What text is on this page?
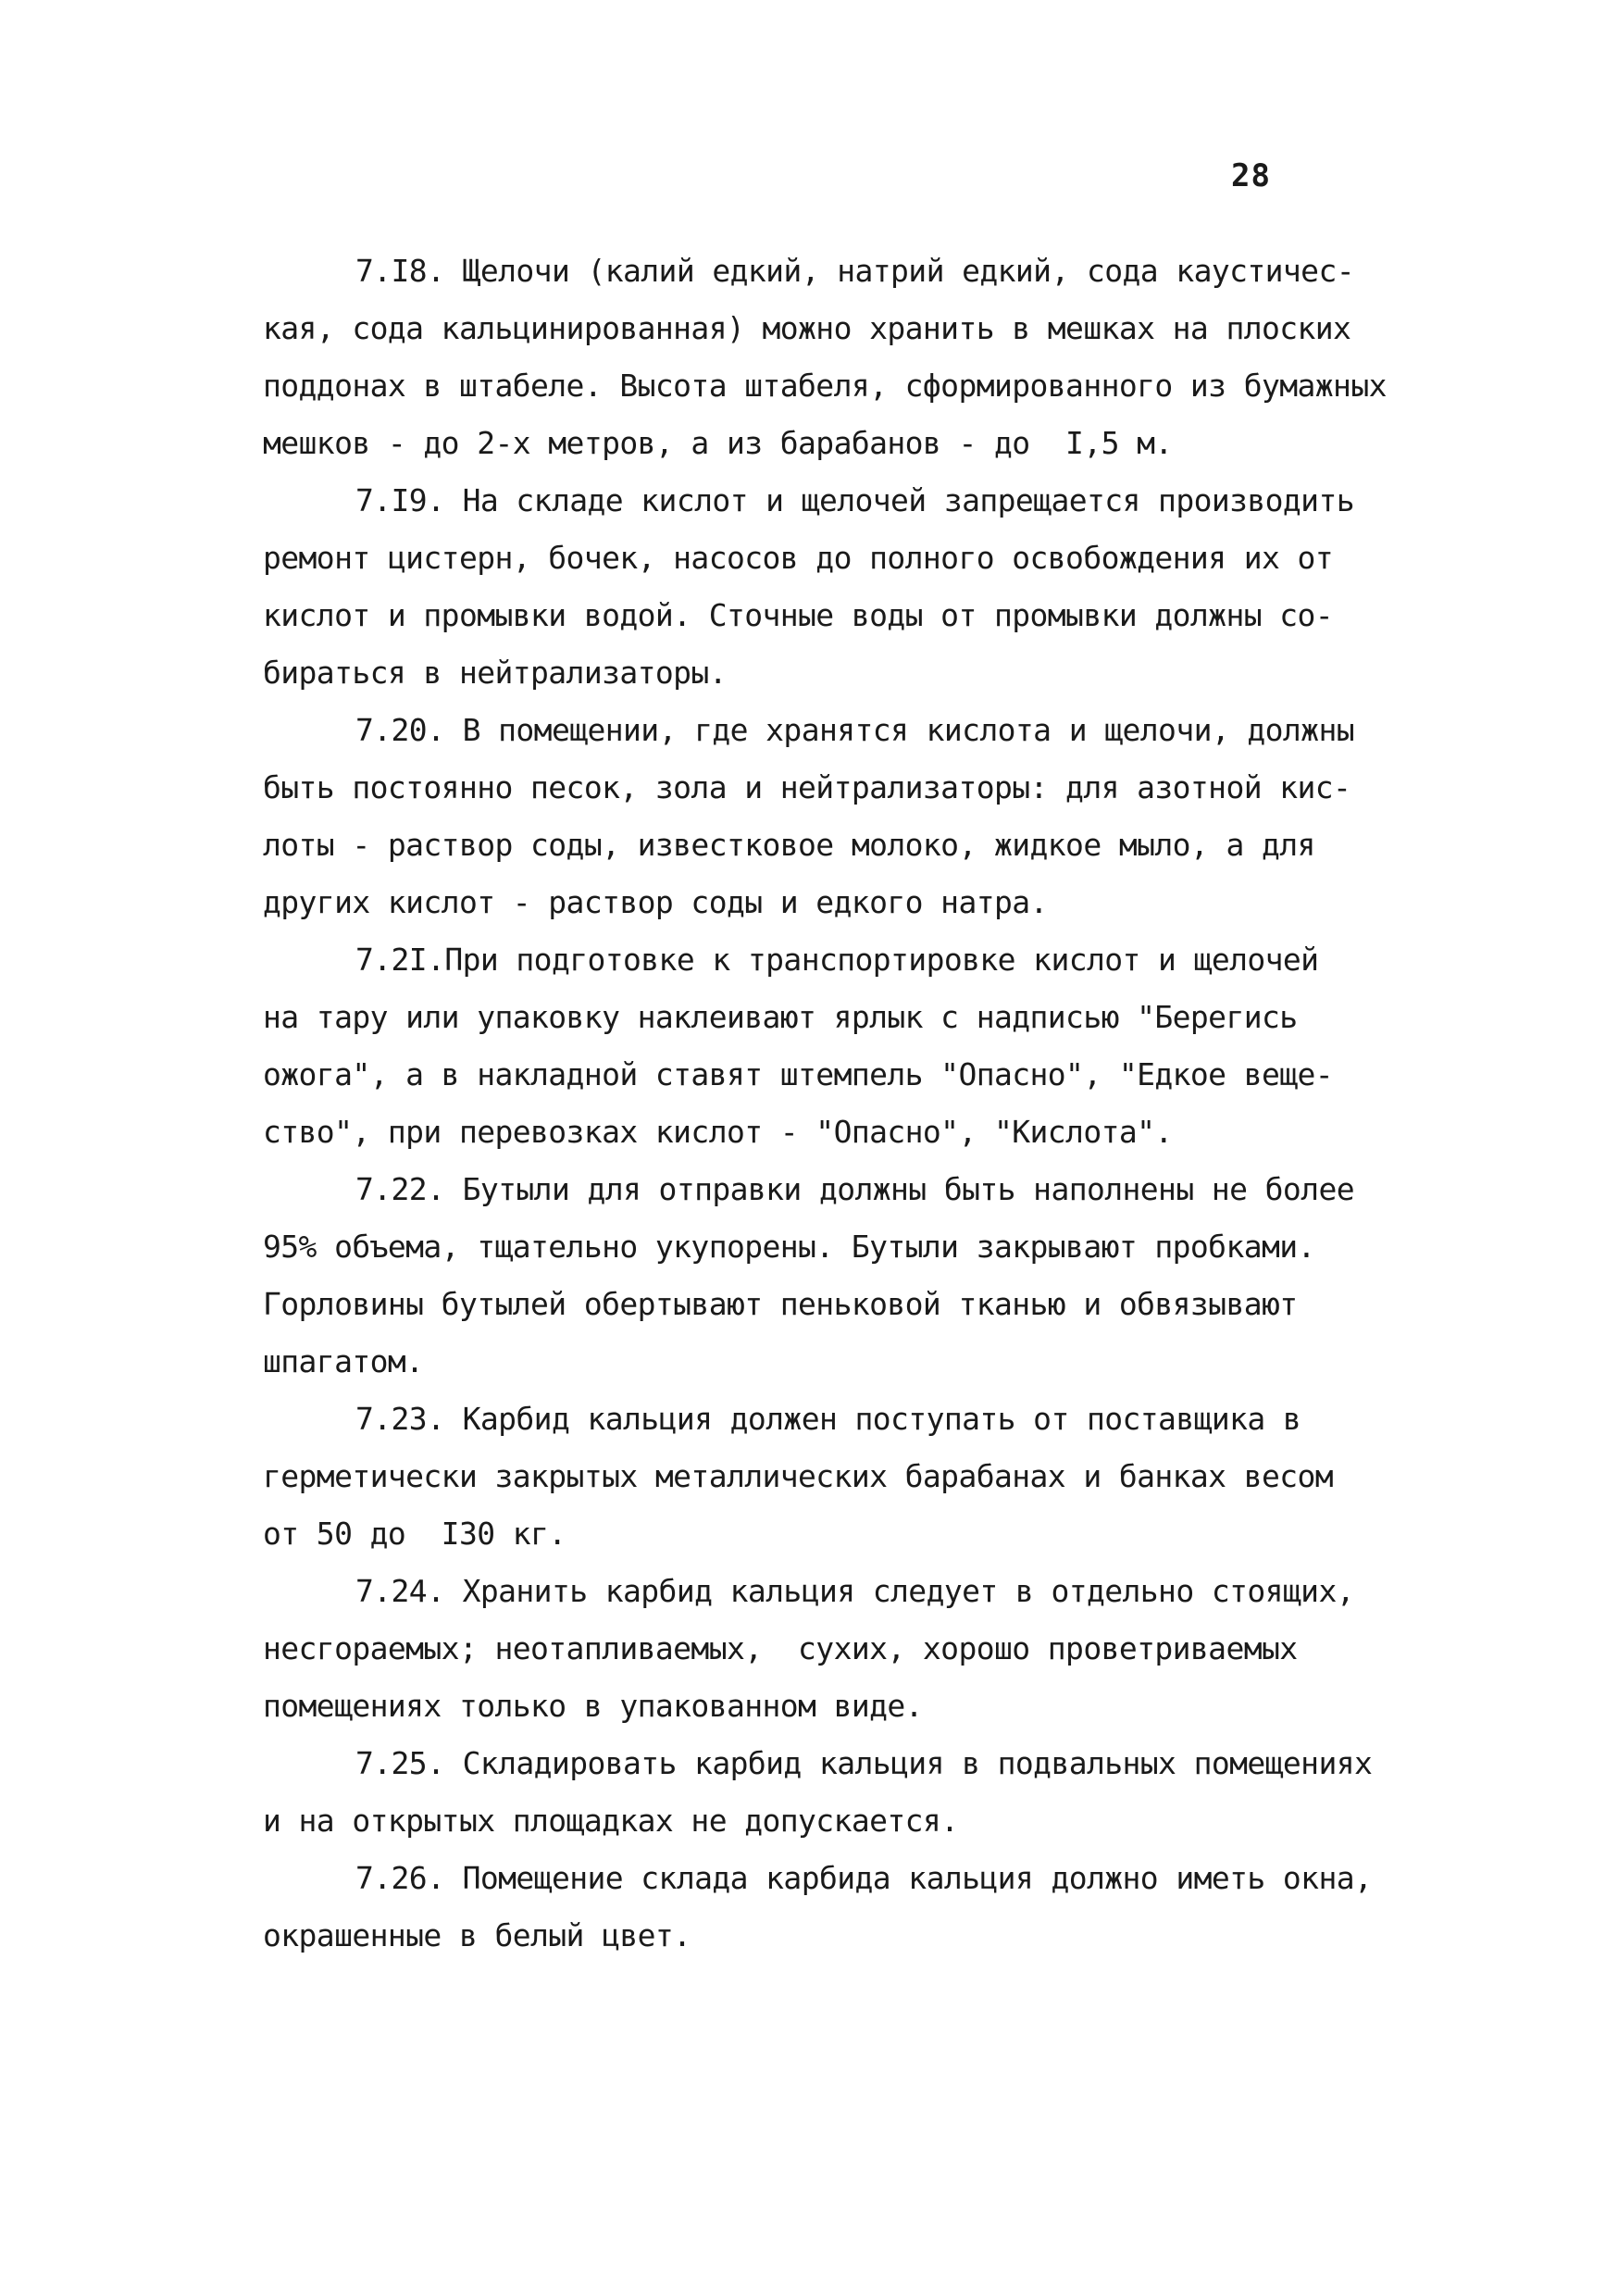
28
7.I8. Щелочи (калий едкий, натрий едкий, сода каустичес-
кая, сода кальцинированная) можно хранить в мешках на плоских
поддонах в штабеле. Высота штабеля, сформированного из бумажных
мешков - до 2-х метров, а из барабанов - до  I,5 м.
7.I9. На складе кислот и щелочей запрещается производить
ремонт цистерн, бочек, насосов до полного освобождения их от
кислот и промывки водой. Сточные воды от промывки должны со-
бираться в нейтрализаторы.
7.20. В помещении, где хранятся кислота и щелочи, должны
быть постоянно песок, зола и нейтрализаторы: для азотной кис-
лоты - раствор соды, известковое молоко, жидкое мыло, а для
других кислот - раствор соды и едкого натра.
7.2I.При подготовке к транспортировке кислот и щелочей
на тару или упаковку наклеивают ярлык с надписью "Берегись
ожога", а в накладной ставят штемпель "Опасно", "Едкое веще-
ство", при перевозках кислот - "Опасно", "Кислота".
7.22. Бутыли для отправки должны быть наполнены не более
95% объема, тщательно укупорены. Бутыли закрывают пробками.
Горловины бутылей обертывают пеньковой тканью и обвязывают
шпагатом.
7.23. Карбид кальция должен поступать от поставщика в
герметически закрытых металлических барабанах и банках весом
от 50 до  I30 кг.
7.24. Хранить карбид кальция следует в отдельно стоящих,
несгораемых; неотапливаемых,  сухих, хорошо проветриваемых
помещениях только в упакованном виде.
7.25. Складировать карбид кальция в подвальных помещениях
и на открытых площадках не допускается.
7.26. Помещение склада карбида кальция должно иметь окна,
окрашенные в белый цвет.
